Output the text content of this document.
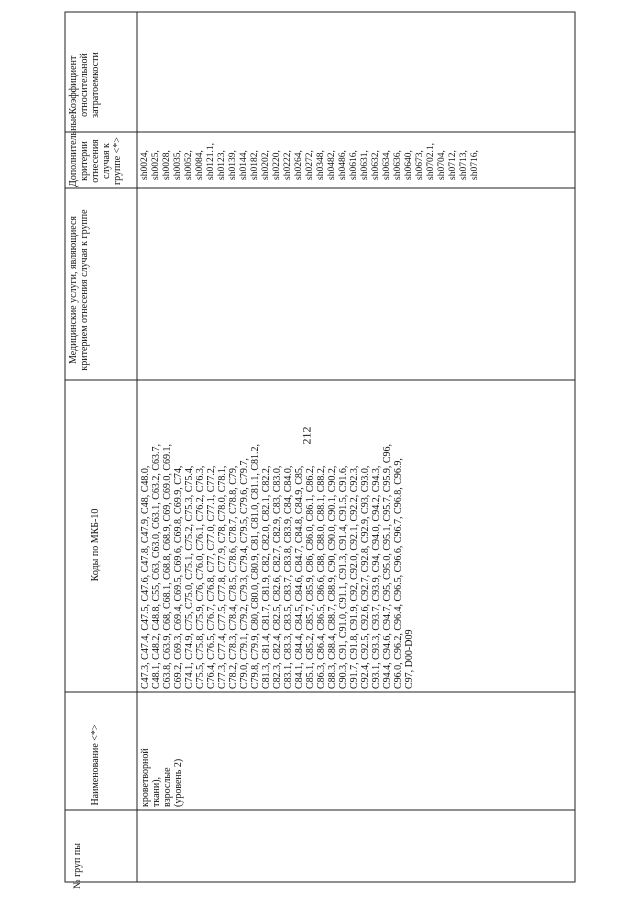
212
№ груп пы
Наименование <*>
Коды по МКБ-10
Медицинские услуги, являющиеся критерием отнесения случая к группе
Дополнительные критерии отнесения случая к группе <*>
Коэффициент относительной затратоемкости
кроветворной ткани), взрослые (уровень 2)
C47.3, C47.4, C47.5, C47.6, C47.8, C47.9, C48, C48.0, C48.1, C48.2, C48.8, C55, C63, C63.0, C63.1, C63.2, C63.7, C63.8, C63.9, C68, C68.1, C68.8, C68.9, C69, C69.0, C69.1, C69.2, C69.3, C69.4, C69.5, C69.6, C69.8, C69.9, C74, C74.1, C74.9, C75, C75.0, C75.1, C75.2, C75.3, C75.4, C75.5, C75.8, C75.9, C76, C76.0, C76.1, C76.2, C76.3, C76.4, C76.5, C76.7, C76.8, C77, C77.0, C77.1, C77.2, C77.3, C77.4, C77.5, C77.8, C77.9, C78, C78.0, C78.1, C78.2, C78.3, C78.4, C78.5, C78.6, C78.7, C78.8, C79, C79.0, C79.1, C79.2, C79.3, C79.4, C79.5, C79.6, C79.7, C79.8, C79.9, C80, C80.0, C80.9, C81, C81.0, C81.1, C81.2, C81.3, C81.4, C81.7, C81.9, C82, C82.0, C82.1, C82.2, C82.3, C82.4, C82.5, C82.6, C82.7, C82.9, C83, C83.0, C83.1, C83.3, C83.5, C83.7, C83.8, C83.9, C84, C84.0, C84.1, C84.4, C84.5, C84.6, C84.7, C84.8, C84.9, C85, C85.1, C85.2, C85.7, C85.9, C86, C86.0, C86.1, C86.2, C86.3, C86.4, C86.5, C86.6, C88, C88.0, C88.1, C88.2, C88.3, C88.4, C88.7, C88.9, C90, C90.0, C90.1, C90.2, C90.3, C91, C91.0, C91.1, C91.3, C91.4, C91.5, C91.6, C91.7, C91.8, C91.9, C92, C92.0, C92.1, C92.2, C92.3, C92.4, C92.5, C92.6, C92.7, C92.8, C92.9, C93, C93.0, C93.1, C93.3, C93.7, C93.9, C94, C94.0, C94.2, C94.3, C94.4, C94.6, C94.7, C95, C95.0, C95.1, C95.7, C95.9, C96, C96.0, C96.2, C96.4, C96.5, C96.6, C96.7, C96.8, C96.9, C97, D00-D09
sh0024, sh0025, sh0028, sh0035, sh0052, sh0084, sh0121.1, sh0123, sh0139, sh0144, sh0182, sh0202, sh0220, sh0222, sh0264, sh0272, sh0348, sh0482, sh0486, sh0616, sh0631, sh0632, sh0634, sh0636, sh0640, sh0673, sh0702.1, sh0704, sh0712, sh0713, sh0716,
